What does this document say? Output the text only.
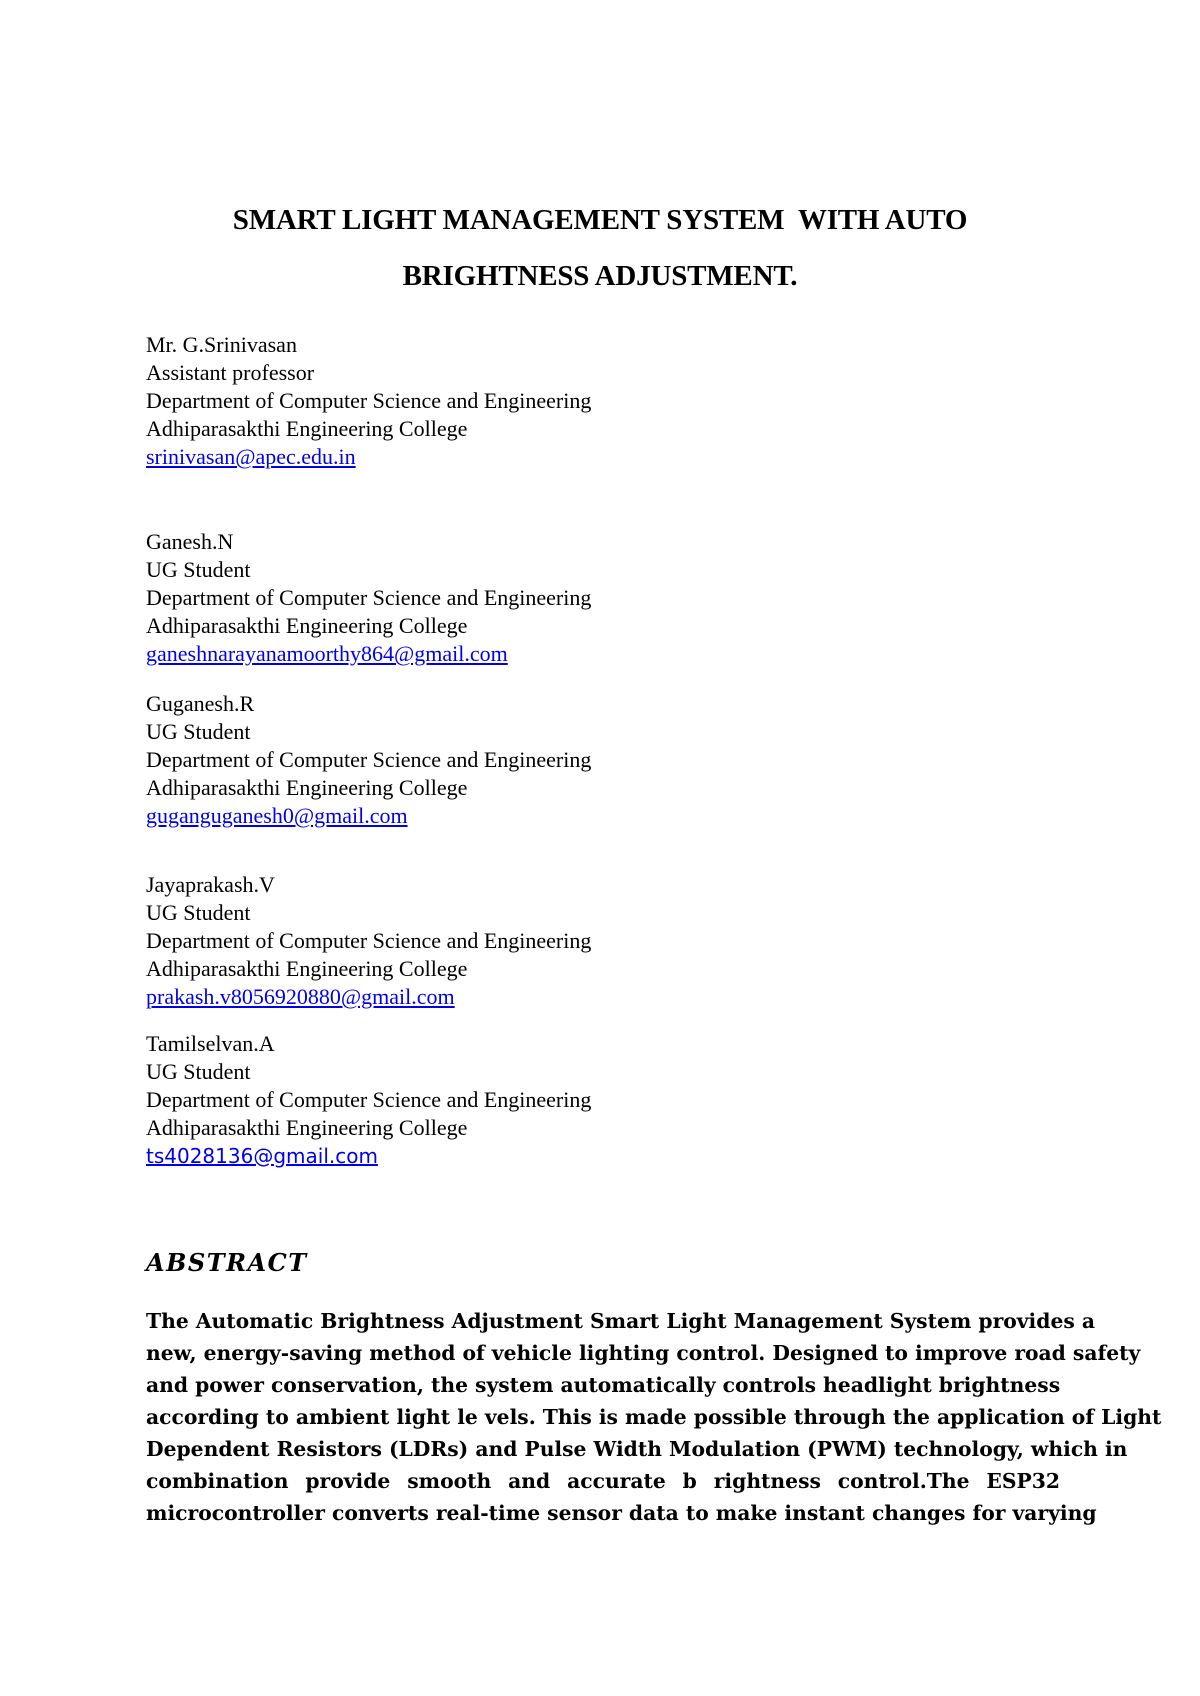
SMART LIGHT MANAGEMENT SYSTEM  WITH AUTO
BRIGHTNESS ADJUSTMENT.
Mr. G.Srinivasan
Assistant professor
Department of Computer Science and Engineering
Adhiparasakthi Engineering College
srinivasan@apec.edu.in
Ganesh.N
UG Student
Department of Computer Science and Engineering
Adhiparasakthi Engineering College
ganeshnarayanamoorthy864@gmail.com
Guganesh.R
UG Student
Department of Computer Science and Engineering
Adhiparasakthi Engineering College
guganguganesh0@gmail.com
Jayaprakash.V
UG Student
Department of Computer Science and Engineering
Adhiparasakthi Engineering College
prakash.v8056920880@gmail.com
Tamilselvan.A
UG Student
Department of Computer Science and Engineering
Adhiparasakthi Engineering College
ts4028136@gmail.com
ABSTRACT
The Automatic Brightness Adjustment Smart Light Management System provides a
new, energy-saving method of vehicle lighting control. Designed to improve road safety
and power conservation, the system automatically controls headlight brightness
according to ambient light le vels. This is made possible through the application of Light
Dependent Resistors (LDRs) and Pulse Width Modulation (PWM) technology, which in
combination provide smooth and accurate b rightness control.The ESP32
microcontroller converts real-time sensor data to make instant changes for varying
